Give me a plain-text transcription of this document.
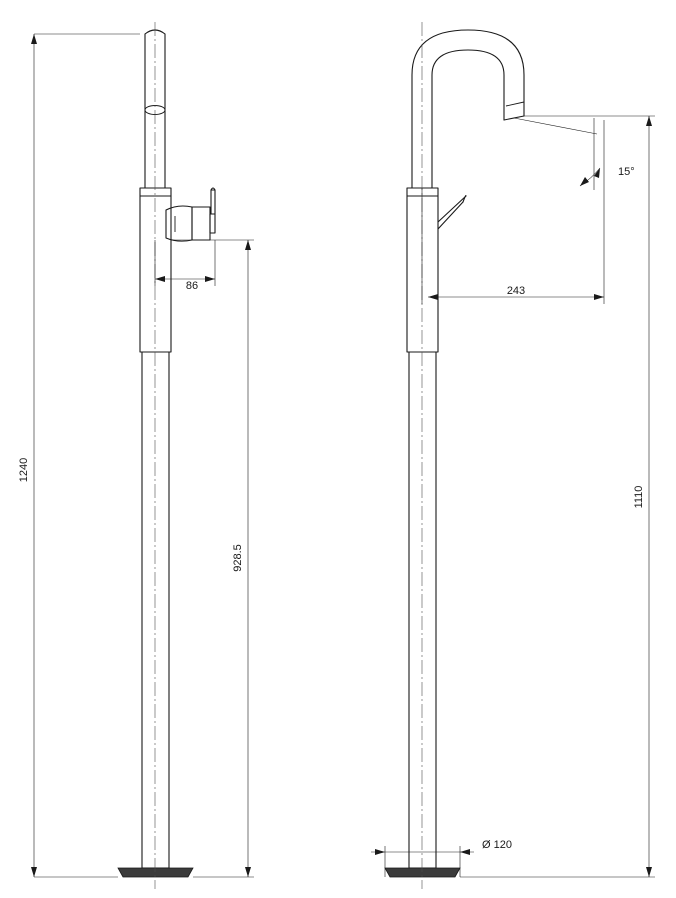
1240
928.5
86
1110
243
15°
Ø 120
